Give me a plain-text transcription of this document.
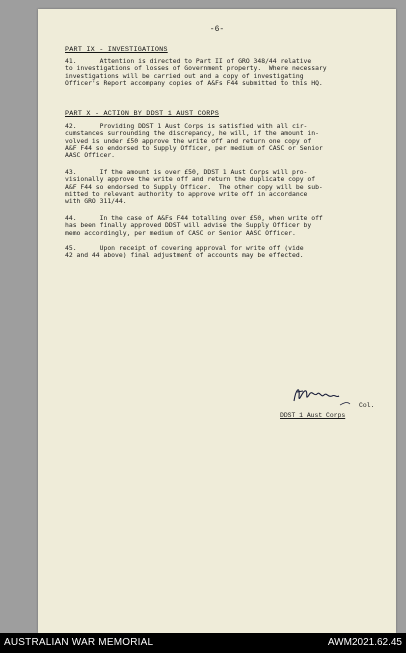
-6-
PART IX - INVESTIGATIONS
41.      Attention is directed to Part II of GRO 348/44 relative
to investigations of losses of Government property.  Where necessary
investigations will be carried out and a copy of investigating
Officer's Report accompany copies of A&Fs F44 submitted to this HQ.
PART X - ACTION BY DDST 1 AUST CORPS
42.      Providing DDST 1 Aust Corps is satisfied with all cir-
cumstances surrounding the discrepancy, he will, if the amount in-
volved is under £50 approve the write off and return one copy of
A&F F44 so endorsed to Supply Officer, per medium of CASC or Senior
AASC Officer.
43.      If the amount is over £50, DDST 1 Aust Corps will pro-
visionally approve the write off and return the duplicate copy of
A&F F44 so endorsed to Supply Officer.  The other copy will be sub-
mitted to relevant authority to approve write off in accordance
with GRO 311/44.
44.      In the case of A&Fs F44 totalling over £50, when write off
has been finally approved DDST will advise the Supply Officer by
memo accordingly, per medium of CASC or Senior AASC Officer.
45.      Upon receipt of covering approval for write off (vide
42 and 44 above) final adjustment of accounts may be effected.
Col.
DDST 1 Aust Corps
AUSTRALIAN WAR MEMORIAL	AWM2021.62.45
